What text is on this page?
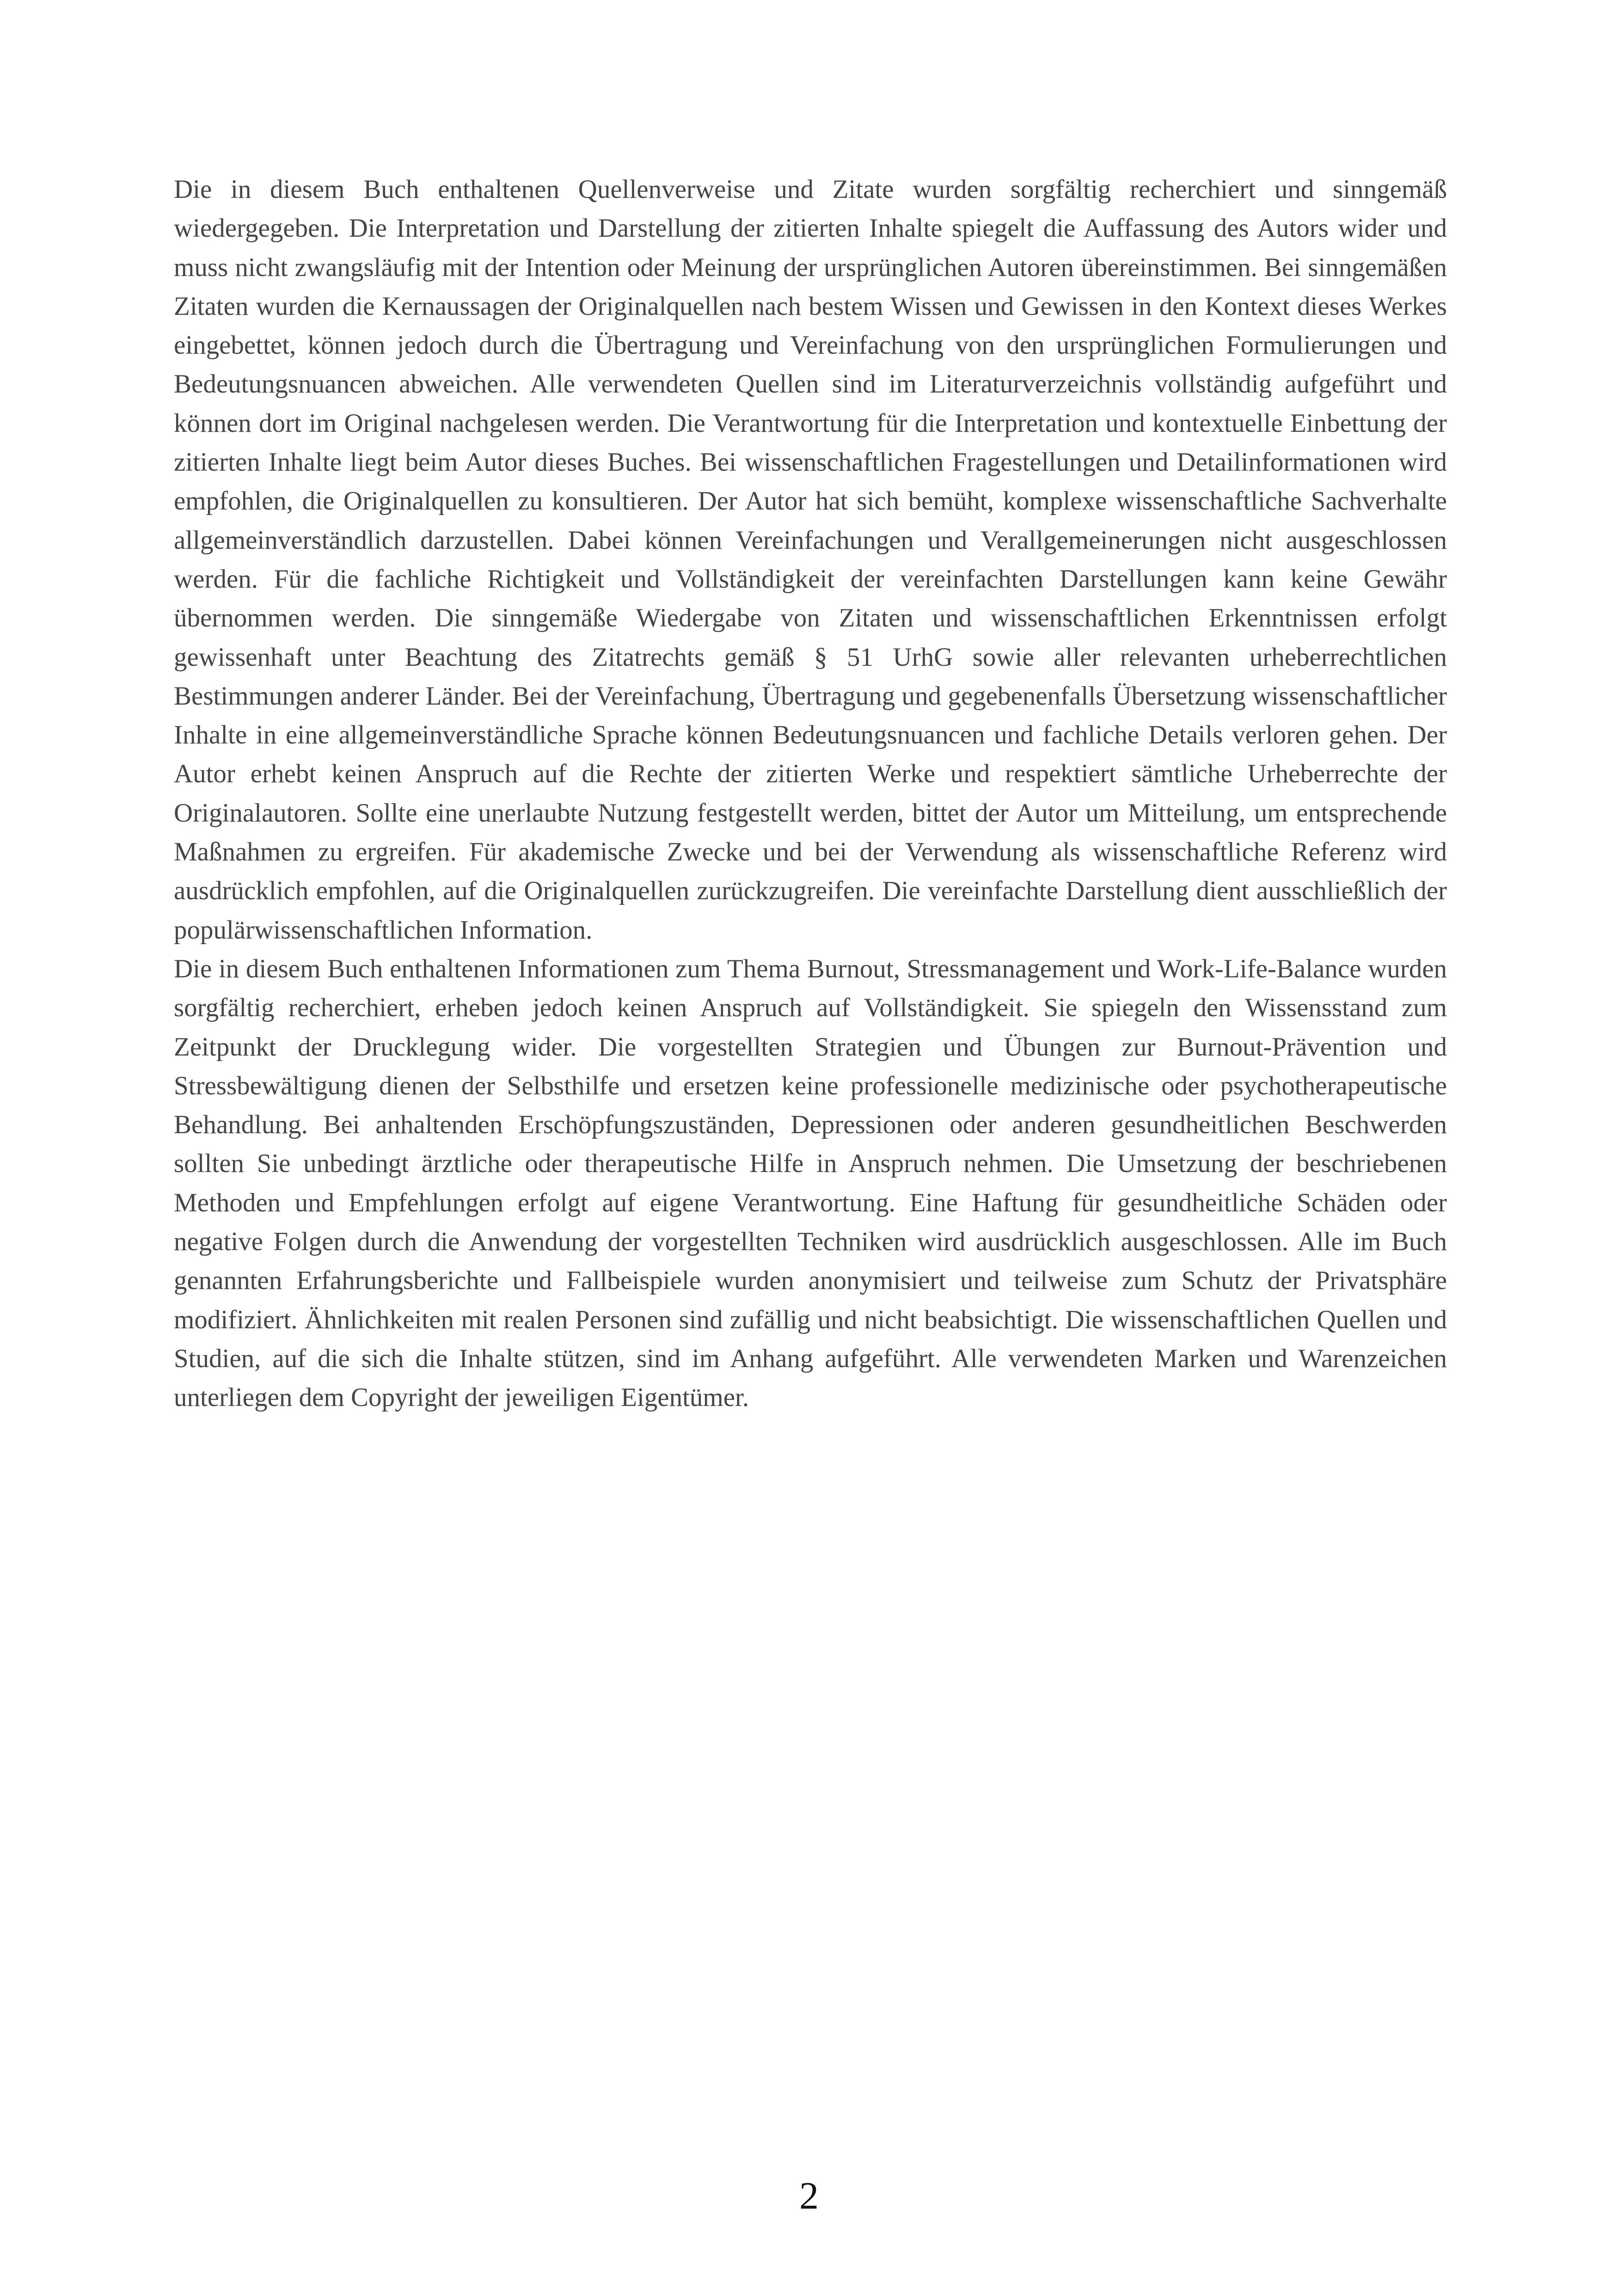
Die in diesem Buch enthaltenen Quellenverweise und Zitate wurden sorgfältig recherchiert und sinngemäß wiedergegeben. Die Interpretation und Darstellung der zitierten Inhalte spiegelt die Auffassung des Autors wider und muss nicht zwangsläufig mit der Intention oder Meinung der ursprünglichen Autoren übereinstimmen. Bei sinngemäßen Zitaten wurden die Kernaussagen der Originalquellen nach bestem Wissen und Gewissen in den Kontext dieses Werkes eingebettet, können jedoch durch die Übertragung und Vereinfachung von den ursprünglichen Formulierungen und Bedeutungsnuancen abweichen. Alle verwendeten Quellen sind im Literaturverzeichnis vollständig aufgeführt und können dort im Original nachgelesen werden. Die Verantwortung für die Interpretation und kontextuelle Einbettung der zitierten Inhalte liegt beim Autor dieses Buches. Bei wissenschaftlichen Fragestellungen und Detailinformationen wird empfohlen, die Originalquellen zu konsultieren. Der Autor hat sich bemüht, komplexe wissenschaftliche Sachverhalte allgemeinverständlich darzustellen. Dabei können Vereinfachungen und Verallgemeinerungen nicht ausgeschlossen werden. Für die fachliche Richtigkeit und Vollständigkeit der vereinfachten Darstellungen kann keine Gewähr übernommen werden. Die sinngemäße Wiedergabe von Zitaten und wissenschaftlichen Erkenntnissen erfolgt gewissenhaft unter Beachtung des Zitatrechts gemäß § 51 UrhG sowie aller relevanten urheberrechtlichen Bestimmungen anderer Länder. Bei der Vereinfachung, Übertragung und gegebenenfalls Übersetzung wissenschaftlicher Inhalte in eine allgemeinverständliche Sprache können Bedeutungsnuancen und fachliche Details verloren gehen. Der Autor erhebt keinen Anspruch auf die Rechte der zitierten Werke und respektiert sämtliche Urheberrechte der Originalautoren. Sollte eine unerlaubte Nutzung festgestellt werden, bittet der Autor um Mitteilung, um entsprechende Maßnahmen zu ergreifen. Für akademische Zwecke und bei der Verwendung als wissenschaftliche Referenz wird ausdrücklich empfohlen, auf die Originalquellen zurückzugreifen. Die vereinfachte Darstellung dient ausschließlich der populärwissenschaftlichen Information.

Die in diesem Buch enthaltenen Informationen zum Thema Burnout, Stressmanagement und Work-Life-Balance wurden sorgfältig recherchiert, erheben jedoch keinen Anspruch auf Vollständigkeit. Sie spiegeln den Wissensstand zum Zeitpunkt der Drucklegung wider. Die vorgestellten Strategien und Übungen zur Burnout-Prävention und Stressbewältigung dienen der Selbsthilfe und ersetzen keine professionelle medizinische oder psychotherapeutische Behandlung. Bei anhaltenden Erschöpfungszuständen, Depressionen oder anderen gesundheitlichen Beschwerden sollten Sie unbedingt ärztliche oder therapeutische Hilfe in Anspruch nehmen. Die Umsetzung der beschriebenen Methoden und Empfehlungen erfolgt auf eigene Verantwortung. Eine Haftung für gesundheitliche Schäden oder negative Folgen durch die Anwendung der vorgestellten Techniken wird ausdrücklich ausgeschlossen. Alle im Buch genannten Erfahrungsberichte und Fallbeispiele wurden anonymisiert und teilweise zum Schutz der Privatsphäre modifiziert. Ähnlichkeiten mit realen Personen sind zufällig und nicht beabsichtigt. Die wissenschaftlichen Quellen und Studien, auf die sich die Inhalte stützen, sind im Anhang aufgeführt. Alle verwendeten Marken und Warenzeichen unterliegen dem Copyright der jeweiligen Eigentümer.

2
